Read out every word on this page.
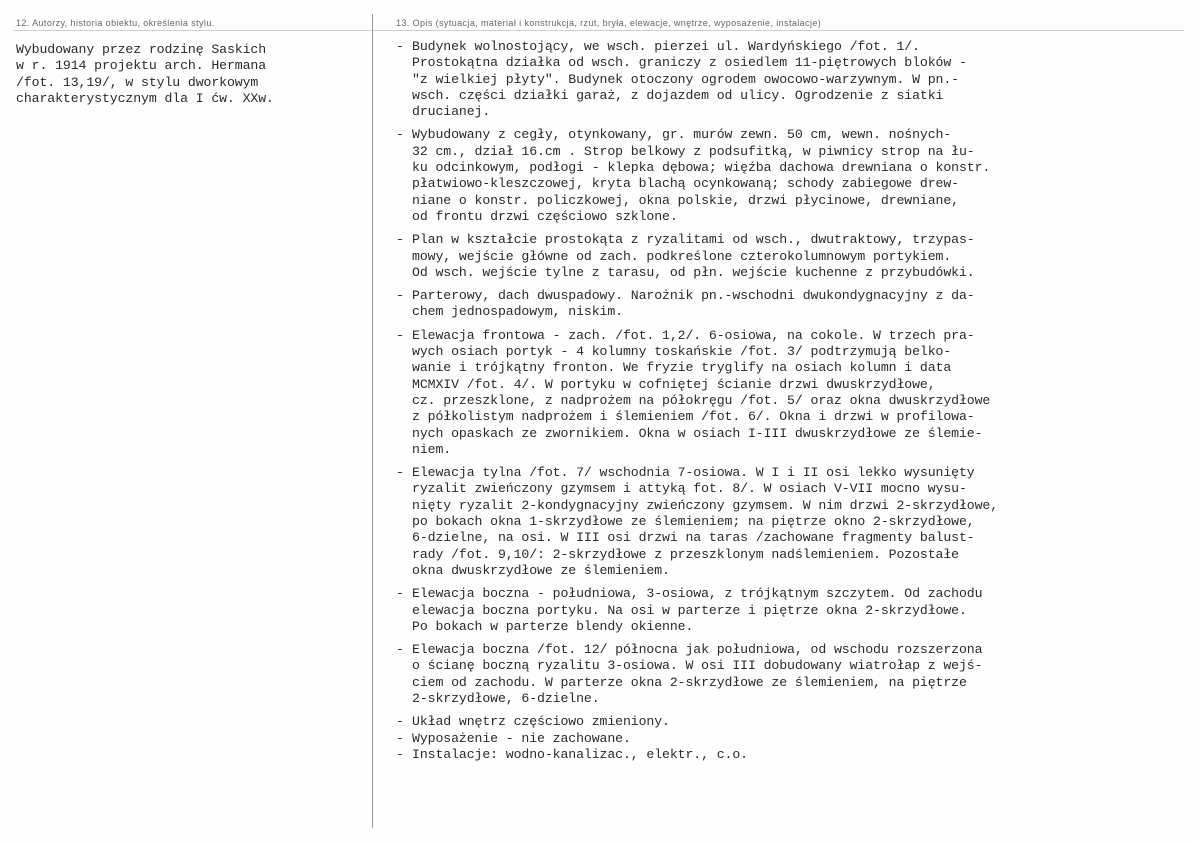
12. Autorzy, historia obiektu, określenia stylu.
Wybudowany przez rodzinę Saskich
w r. 1914 projektu arch. Hermana
/fot. 13,19/, w stylu dworkowym
charakterystycznym dla I ćw. XXw.
13. Opis (sytuacja, materiał i konstrukcja, rzut, bryła, elewacje, wnętrze, wyposażenie, instalacje)
- Budynek wolnostojący, we wsch. pierzei ul. Wardyńskiego /fot. 1/.
Prostokątna działka od wsch. graniczy z osiedlem 11-piętrowych bloków -
"z wielkiej płyty". Budynek otoczony ogrodem owocowo-warzywnym. W pn.-
wsch. części działki garaż, z dojazdem od ulicy. Ogrodzenie z siatki
drucianej.
- Wybudowany z cegły, otynkowany, gr. murów zewn. 50 cm, wewn. nośnych-
32 cm., dział 16.cm . Strop belkowy z podsufitką, w piwnicy strop na łu-
ku odcinkowym, podłogi - klepka dębowa; więźba dachowa drewniana o konstr.
płatwiowo-kleszczowej, kryta blachą ocynkowaną; schody zabiegowe drew-
niane o konstr. policzkowej, okna polskie, drzwi płycinowe, drewniane,
od frontu drzwi częściowo szklone.
- Plan w kształcie prostokąta z ryzalitami od wsch., dwutraktowy, trzypas-
mowy, wejście główne od zach. podkreślone czterokolumnowym portykiem.
Od wsch. wejście tylne z tarasu, od płn. wejście kuchenne z przybudówki.
- Parterowy, dach dwuspadowy. Narożnik pn.-wschodni dwukondygnacyjny z da-
chem jednospadowym, niskim.
- Elewacja frontowa - zach. /fot. 1,2/. 6-osiowa, na cokole. W trzech pra-
wych osiach portyk - 4 kolumny toskańskie /fot. 3/ podtrzymują belko-
wanie i trójkątny fronton. We fryzie tryglify na osiach kolumn i data
MCMXIV /fot. 4/. W portyku w cofniętej ścianie drzwi dwuskrzydłowe,
cz. przeszklone, z nadprożem na półokręgu /fot. 5/ oraz okna dwuskrzydłowe
z półkolistym nadprożem i ślemieniem /fot. 6/. Okna i drzwi w profilowa-
nych opaskach ze zwornikiem. Okna w osiach I-III dwuskrzydłowe ze ślemie-
niem.
- Elewacja tylna /fot. 7/ wschodnia 7-osiowa. W I i II osi lekko wysunięty
ryzalit zwieńczony gzymsem i attyką fot. 8/. W osiach V-VII mocno wysu-
nięty ryzalit 2-kondygnacyjny zwieńczony gzymsem. W nim drzwi 2-skrzydłowe,
po bokach okna 1-skrzydłowe ze ślemieniem; na piętrze okno 2-skrzydłowe,
6-dzielne, na osi. W III osi drzwi na taras /zachowane fragmenty balust-
rady /fot. 9,10/: 2-skrzydłowe z przeszklonym nadślemieniem. Pozostałe
okna dwuskrzydłowe ze ślemieniem.
- Elewacja boczna - południowa, 3-osiowa, z trójkątnym szczytem. Od zachodu
elewacja boczna portyku. Na osi w parterze i piętrze okna 2-skrzydłowe.
Po bokach w parterze blendy okienne.
- Elewacja boczna /fot. 12/ północna jak południowa, od wschodu rozszerzona
o ścianę boczną ryzalitu 3-osiowa. W osi III dobudowany wiatrołap z wejś-
ciem od zachodu. W parterze okna 2-skrzydłowe ze ślemieniem, na piętrze
2-skrzydłowe, 6-dzielne.
- Układ wnętrz częściowo zmieniony.
- Wyposażenie - nie zachowane.
- Instalacje: wodno-kanalizac., elektr., c.o.
